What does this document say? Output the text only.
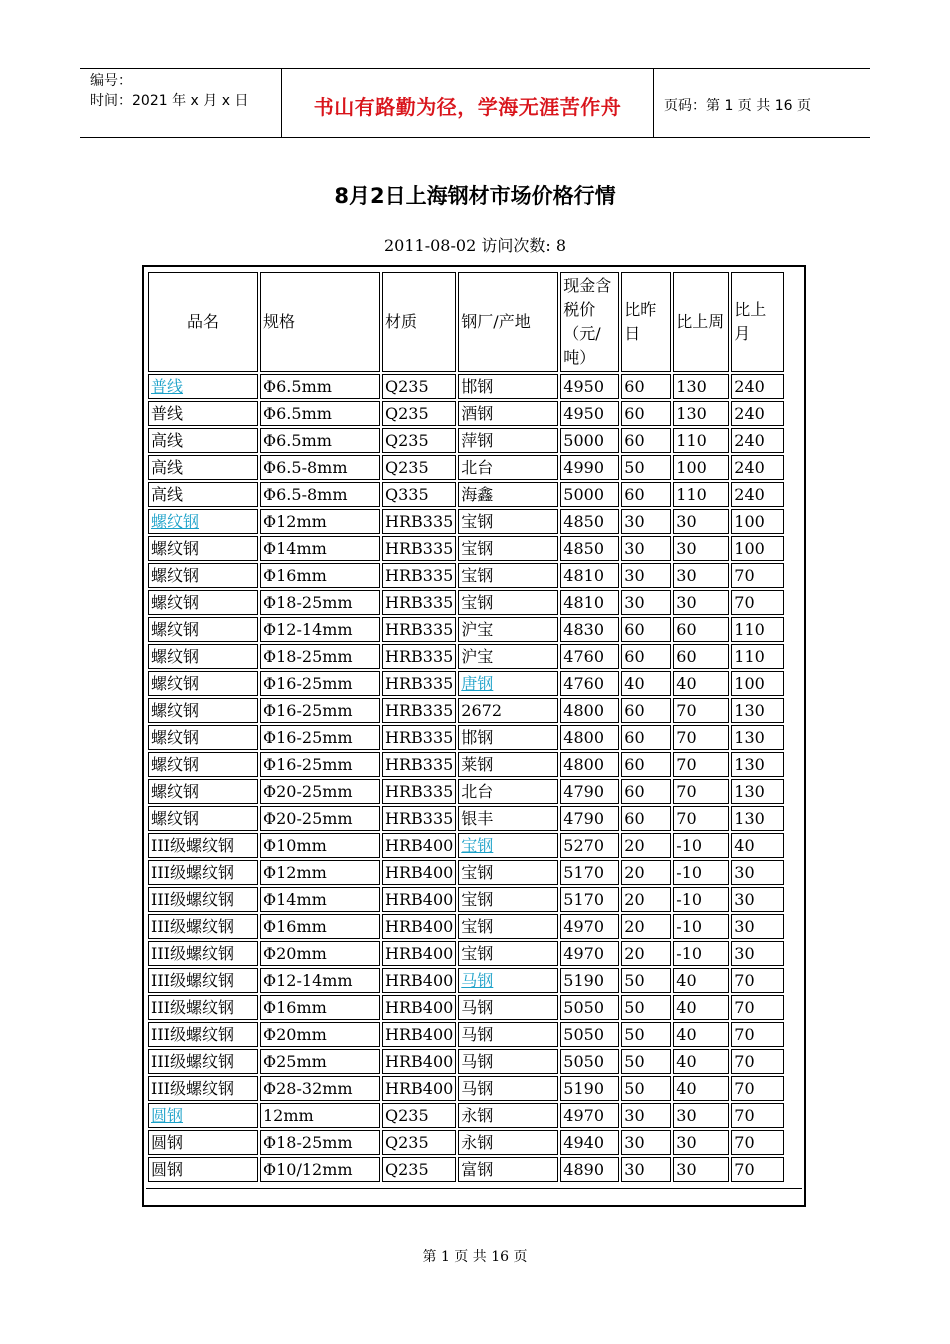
编号：
时间：2021 年 x 月 x 日	书山有路勤为径，学海无涯苦作舟	页码：第 1 页 共 16 页
8月2日上海钢材市场价格行情
2011-08-02 访问次数: 8
品名	规格	材质	钢厂/产地	现金含税价（元/吨）	比昨日	比上周	比上月
普线	Φ6.5mm	Q235	邯钢	4950	60	130	240
普线	Φ6.5mm	Q235	酒钢	4950	60	130	240
高线	Φ6.5mm	Q235	萍钢	5000	60	110	240
高线	Φ6.5-8mm	Q235	北台	4990	50	100	240
高线	Φ6.5-8mm	Q335	海鑫	5000	60	110	240
螺纹钢	Φ12mm	HRB335	宝钢	4850	30	30	100
螺纹钢	Φ14mm	HRB335	宝钢	4850	30	30	100
螺纹钢	Φ16mm	HRB335	宝钢	4810	30	30	70
螺纹钢	Φ18-25mm	HRB335	宝钢	4810	30	30	70
螺纹钢	Φ12-14mm	HRB335	沪宝	4830	60	60	110
螺纹钢	Φ18-25mm	HRB335	沪宝	4760	60	60	110
螺纹钢	Φ16-25mm	HRB335	唐钢	4760	40	40	100
螺纹钢	Φ16-25mm	HRB335	2672	4800	60	70	130
螺纹钢	Φ16-25mm	HRB335	邯钢	4800	60	70	130
螺纹钢	Φ16-25mm	HRB335	莱钢	4800	60	70	130
螺纹钢	Φ20-25mm	HRB335	北台	4790	60	70	130
螺纹钢	Φ20-25mm	HRB335	银丰	4790	60	70	130
III级螺纹钢	Φ10mm	HRB400	宝钢	5270	20	-10	40
III级螺纹钢	Φ12mm	HRB400	宝钢	5170	20	-10	30
III级螺纹钢	Φ14mm	HRB400	宝钢	5170	20	-10	30
III级螺纹钢	Φ16mm	HRB400	宝钢	4970	20	-10	30
III级螺纹钢	Φ20mm	HRB400	宝钢	4970	20	-10	30
III级螺纹钢	Φ12-14mm	HRB400	马钢	5190	50	40	70
III级螺纹钢	Φ16mm	HRB400	马钢	5050	50	40	70
III级螺纹钢	Φ20mm	HRB400	马钢	5050	50	40	70
III级螺纹钢	Φ25mm	HRB400	马钢	5050	50	40	70
III级螺纹钢	Φ28-32mm	HRB400	马钢	5190	50	40	70
圆钢	12mm	Q235	永钢	4970	30	30	70
圆钢	Φ18-25mm	Q235	永钢	4940	30	30	70
圆钢	Φ10/12mm	Q235	富钢	4890	30	30	70
第 1 页 共 16 页
